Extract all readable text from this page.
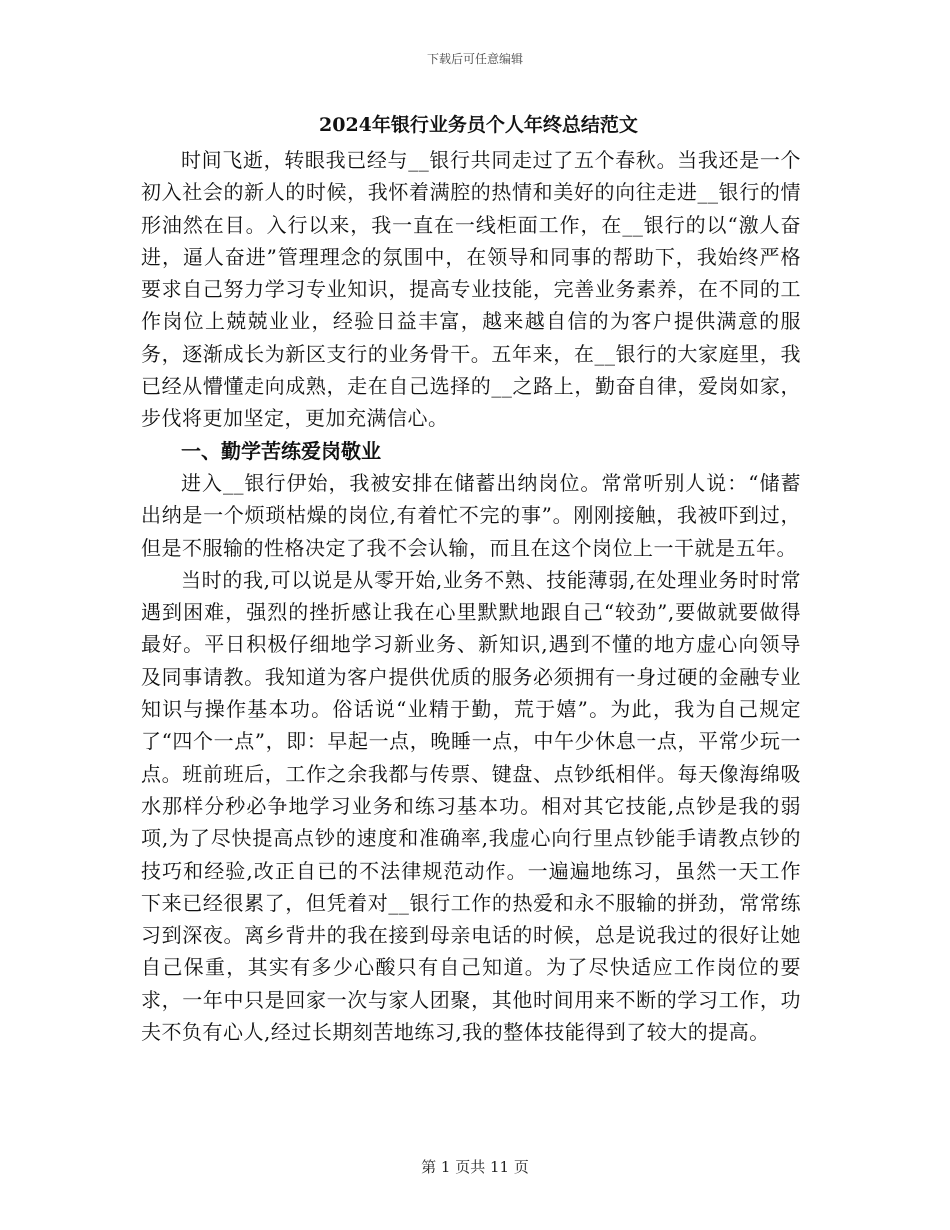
下载后可任意编辑
2024年银行业务员个人年终总结范文

时间飞逝，转眼我已经与__银行共同走过了五个春秋。当我还是一个初入社会的新人的时候，我怀着满腔的热情和美好的向往走进__银行的情形油然在目。入行以来，我一直在一线柜面工作，在__银行的以“激人奋进，逼人奋进”管理理念的氛围中，在领导和同事的帮助下，我始终严格要求自己努力学习专业知识，提高专业技能，完善业务素养，在不同的工作岗位上兢兢业业，经验日益丰富，越来越自信的为客户提供满意的服务，逐渐成长为新区支行的业务骨干。五年来，在__银行的大家庭里，我已经从懵懂走向成熟，走在自己选择的__之路上，勤奋自律，爱岗如家，步伐将更加坚定，更加充满信心。

一、勤学苦练爱岗敬业

进入__银行伊始，我被安排在储蓄出纳岗位。常常听别人说：“储蓄出纳是一个烦琐枯燥的岗位,有着忙不完的事”。刚刚接触，我被吓到过，但是不服输的性格决定了我不会认输，而且在这个岗位上一干就是五年。

当时的我,可以说是从零开始,业务不熟、技能薄弱,在处理业务时时常遇到困难，强烈的挫折感让我在心里默默地跟自己“较劲”,要做就要做得最好。平日积极仔细地学习新业务、新知识,遇到不懂的地方虚心向领导及同事请教。我知道为客户提供优质的服务必须拥有一身过硬的金融专业知识与操作基本功。俗话说“业精于勤，荒于嬉”。为此，我为自己规定了“四个一点”，即：早起一点，晚睡一点，中午少休息一点，平常少玩一点。班前班后，工作之余我都与传票、键盘、点钞纸相伴。每天像海绵吸水那样分秒必争地学习业务和练习基本功。相对其它技能,点钞是我的弱项,为了尽快提高点钞的速度和准确率,我虚心向行里点钞能手请教点钞的技巧和经验,改正自已的不法律规范动作。一遍遍地练习，虽然一天工作下来已经很累了，但凭着对__银行工作的热爱和永不服输的拼劲，常常练习到深夜。离乡背井的我在接到母亲电话的时候，总是说我过的很好让她自己保重，其实有多少心酸只有自己知道。为了尽快适应工作岗位的要求，一年中只是回家一次与家人团聚，其他时间用来不断的学习工作，功夫不负有心人,经过长期刻苦地练习,我的整体技能得到了较大的提高。

第 1 页共 11 页
